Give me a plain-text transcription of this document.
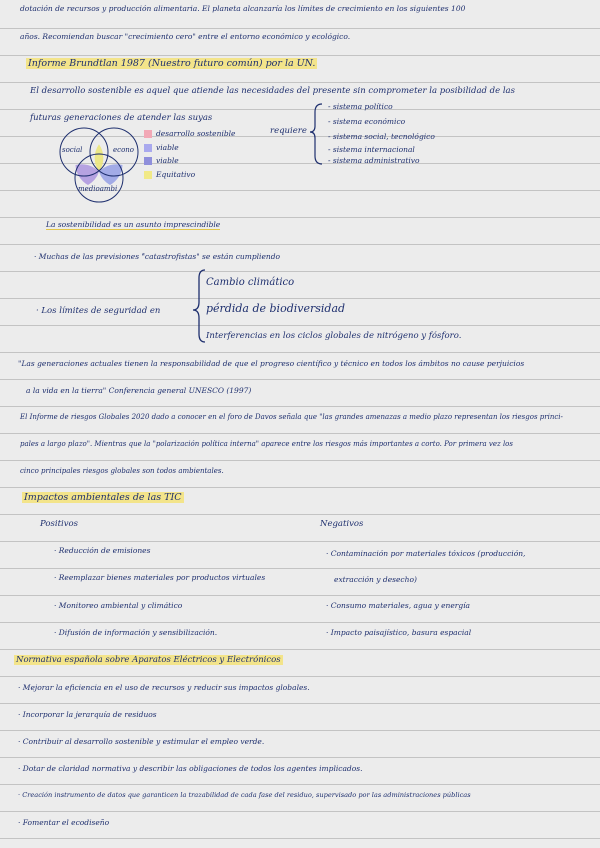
dotación de recursos y producción alimentaria. El planeta alcanzaría los límites de crecimiento en los siguientes 100
años. Recomiendan buscar "crecimiento cero" entre el entorno económico y ecológico.
Informe Brundtlan 1987 (Nuestro futuro común) por la UN.
El desarrollo sostenible es aquel que atiende las necesidades del presente sin comprometer la posibilidad de las
futuras generaciones de atender las suyas
social	econo
medioambi
desarrollo sostenible
viable
viable
Equitativo
requiere
- sistema político
- sistema económico
- sistema social, tecnológico
- sistema internacional
- sistema administrativo
La sostenibilidad es un asunto imprescindible
· Muchas de las previsiones "́catastrofistas" se están cumpliendo
· Los límites de seguridad en
Cambio climático
pérdida de biodiversidad
Interferencias en los ciclos globales de nitrógeno y fósforo.
"Las generaciones actuales tienen la responsabilidad de que el progreso científico y técnico en todos los ámbitos no cause perjuicios
a la vida en la tierra" Conferencia general UNESCO (1997)
El Informe de riesgos Globales 2020 dado a conocer en el foro de Davos señala que "las grandes amenazas a medio plazo representan los riesgos princi-
pales a largo plazo". Mientras que la "polarización política interna" aparece entre los riesgos más importantes a corto. Por primera vez los
cinco principales riesgos globales son todos ambientales.
Impactos ambientales de las TIC
Positivos	Negativos
· Reducción de emisiones
· Reemplazar bienes materiales por productos virtuales
· Monitoreo ambiental y climático
· Difusión de información y sensibilización.
· Contaminación por materiales tóxicos (producción,
extracción y desecho)
· Consumo materiales, agua y energía
· Impacto paisajístico, basura espacial
Normativa española sobre Aparatos Eléctricos y Electrónicos
· Mejorar la eficiencia en el uso de recursos y reducir sus impactos globales.
· Incorporar la jerarquía de residuos
· Contribuir al desarrollo sostenible y estimular el empleo verde.
· Dotar de claridad normativa y describir las obligaciones de todos los agentes implicados.
· Creación instrumento de datos que garanticen la trazabilidad de cada fase del residuo, supervisado por las administraciones públicas
· Fomentar el ecodiseño
